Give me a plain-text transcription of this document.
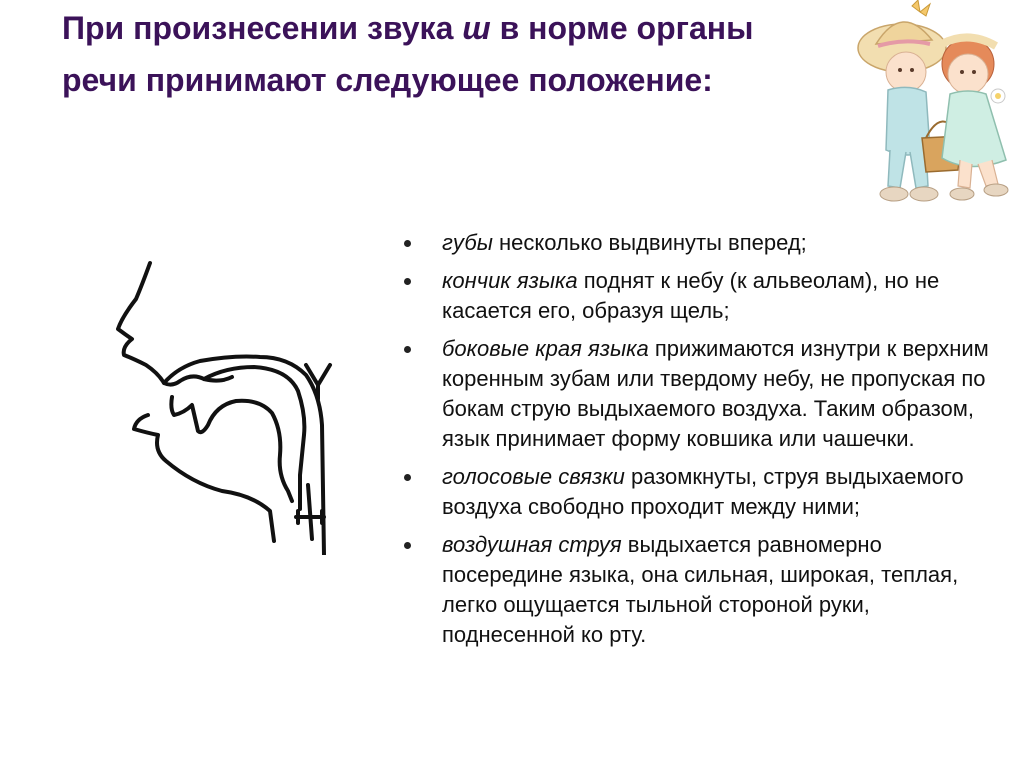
При произнесении звука ш в норме органы речи принимают следующее положение:
губы несколько выдвинуты вперед;
кончик языка поднят к небу (к альвеолам), но не касается его, образуя щель;
боковые края языка прижимаются изнутри к верхним коренным зубам или твердому небу, не пропуская по бокам струю выдыхаемого воздуха. Таким образом, язык принимает форму ковшика или чашечки.
голосовые связки разомкнуты, струя выдыхаемого воздуха свободно проходит между ними;
воздушная струя выдыхается равномерно посередине языка, она сильная, широкая, теплая, легко ощущается тыльной стороной руки, поднесенной ко рту.
